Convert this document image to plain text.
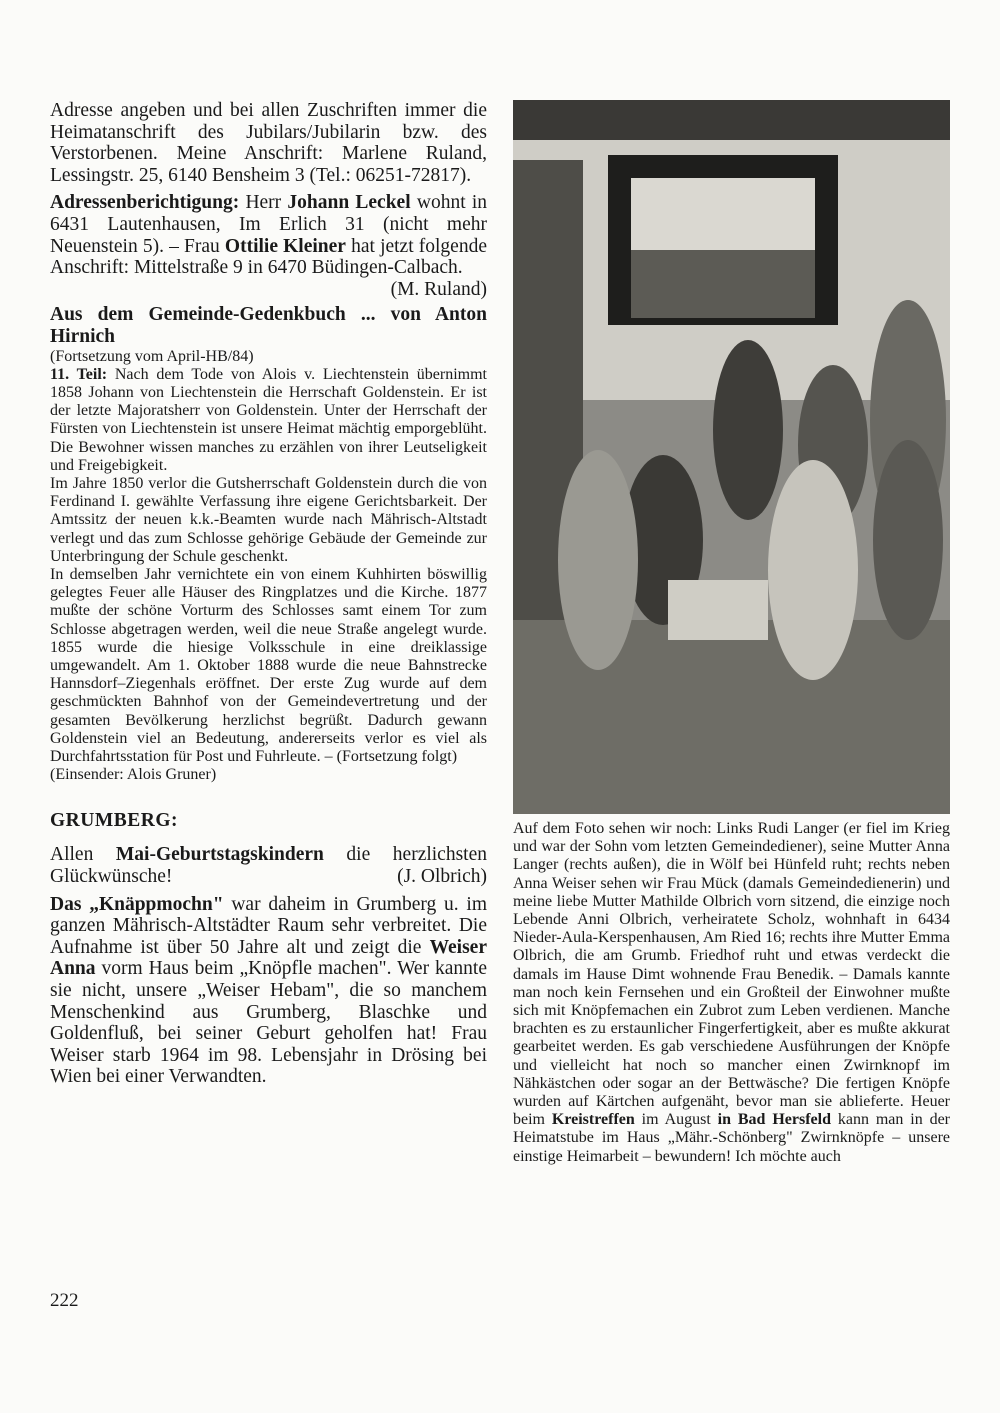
Adresse angeben und bei allen Zuschriften immer die Heimatanschrift des Jubilars/Jubilarin bzw. des Verstorbenen. Meine Anschrift: Marlene Ruland, Lessingstr. 25, 6140 Bensheim 3 (Tel.: 06251-72817).

Adressenberichtigung: Herr Johann Leckel wohnt in 6431 Lautenhausen, Im Erlich 31 (nicht mehr Neuenstein 5). – Frau Ottilie Kleiner hat jetzt folgende Anschrift: Mittelstraße 9 in 6470 Büdingen-Calbach.

(M. Ruland)

Aus dem Gemeinde-Gedenkbuch ... von Anton Hirnich

(Fortsetzung vom April-HB/84)

11. Teil: Nach dem Tode von Alois v. Liechtenstein übernimmt 1858 Johann von Liechtenstein die Herrschaft Goldenstein. Er ist der letzte Majoratsherr von Goldenstein. Unter der Herrschaft der Fürsten von Liechtenstein ist unsere Heimat mächtig emporgeblüht. Die Bewohner wissen manches zu erzählen von ihrer Leutseligkeit und Freigebigkeit.

Im Jahre 1850 verlor die Gutsherrschaft Goldenstein durch die von Ferdinand I. gewählte Verfassung ihre eigene Gerichtsbarkeit. Der Amtssitz der neuen k.k.-Beamten wurde nach Mährisch-Altstadt verlegt und das zum Schlosse gehörige Gebäude der Gemeinde zur Unterbringung der Schule geschenkt.

In demselben Jahr vernichtete ein von einem Kuhhirten böswillig gelegtes Feuer alle Häuser des Ringplatzes und die Kirche. 1877 mußte der schöne Vorturm des Schlosses samt einem Tor zum Schlosse abgetragen werden, weil die neue Straße angelegt wurde. 1855 wurde die hiesige Volksschule in eine dreiklassige umgewandelt. Am 1. Oktober 1888 wurde die neue Bahnstrecke Hannsdorf–Ziegenhals eröffnet. Der erste Zug wurde auf dem geschmückten Bahnhof von der Gemeindevertretung und der gesamten Bevölkerung herzlichst begrüßt. Dadurch gewann Goldenstein viel an Bedeutung, andererseits verlor es viel als Durchfahrtsstation für Post und Fuhrleute. – (Fortsetzung folgt)

(Einsender: Alois Gruner)

GRUMBERG:

Allen Mai-Geburtstagskindern die herzlichsten Glückwünsche!	(J. Olbrich)

Das „Knäppmochn" war daheim in Grumberg u. im ganzen Mährisch-Altstädter Raum sehr verbreitet. Die Aufnahme ist über 50 Jahre alt und zeigt die Weiser Anna vorm Haus beim „Knöpfle machen". Wer kannte sie nicht, unsere „Weiser Hebam", die so manchem Menschenkind aus Grumberg, Blaschke und Goldenfluß, bei seiner Geburt geholfen hat! Frau Weiser starb 1964 im 98. Lebensjahr in Drösing bei Wien bei einer Verwandten.

Auf dem Foto sehen wir noch: Links Rudi Langer (er fiel im Krieg und war der Sohn vom letzten Gemeindediener), seine Mutter Anna Langer (rechts außen), die in Wölf bei Hünfeld ruht; rechts neben Anna Weiser sehen wir Frau Mück (damals Gemeindedienerin) und meine liebe Mutter Mathilde Olbrich vorn sitzend, die einzige noch Lebende Anni Olbrich, verheiratete Scholz, wohnhaft in 6434 Nieder-Aula-Kerspenhausen, Am Ried 16; rechts ihre Mutter Emma Olbrich, die am Grumb. Friedhof ruht und etwas verdeckt die damals im Hause Dimt wohnende Frau Benedik. – Damals kannte man noch kein Fernsehen und ein Großteil der Einwohner mußte sich mit Knöpfemachen ein Zubrot zum Leben verdienen. Manche brachten es zu erstaunlicher Fingerfertigkeit, aber es mußte akkurat gearbeitet werden. Es gab verschiedene Ausführungen der Knöpfe und vielleicht hat noch so mancher einen Zwirnknopf im Nähkästchen oder sogar an der Bettwäsche? Die fertigen Knöpfe wurden auf Kärtchen aufgenäht, bevor man sie ablieferte. Heuer beim Kreistreffen im August in Bad Hersfeld kann man in der Heimatstube im Haus „Mähr.-Schönberg" Zwirnknöpfe – unsere einstige Heimarbeit – bewundern! Ich möchte auch

222
